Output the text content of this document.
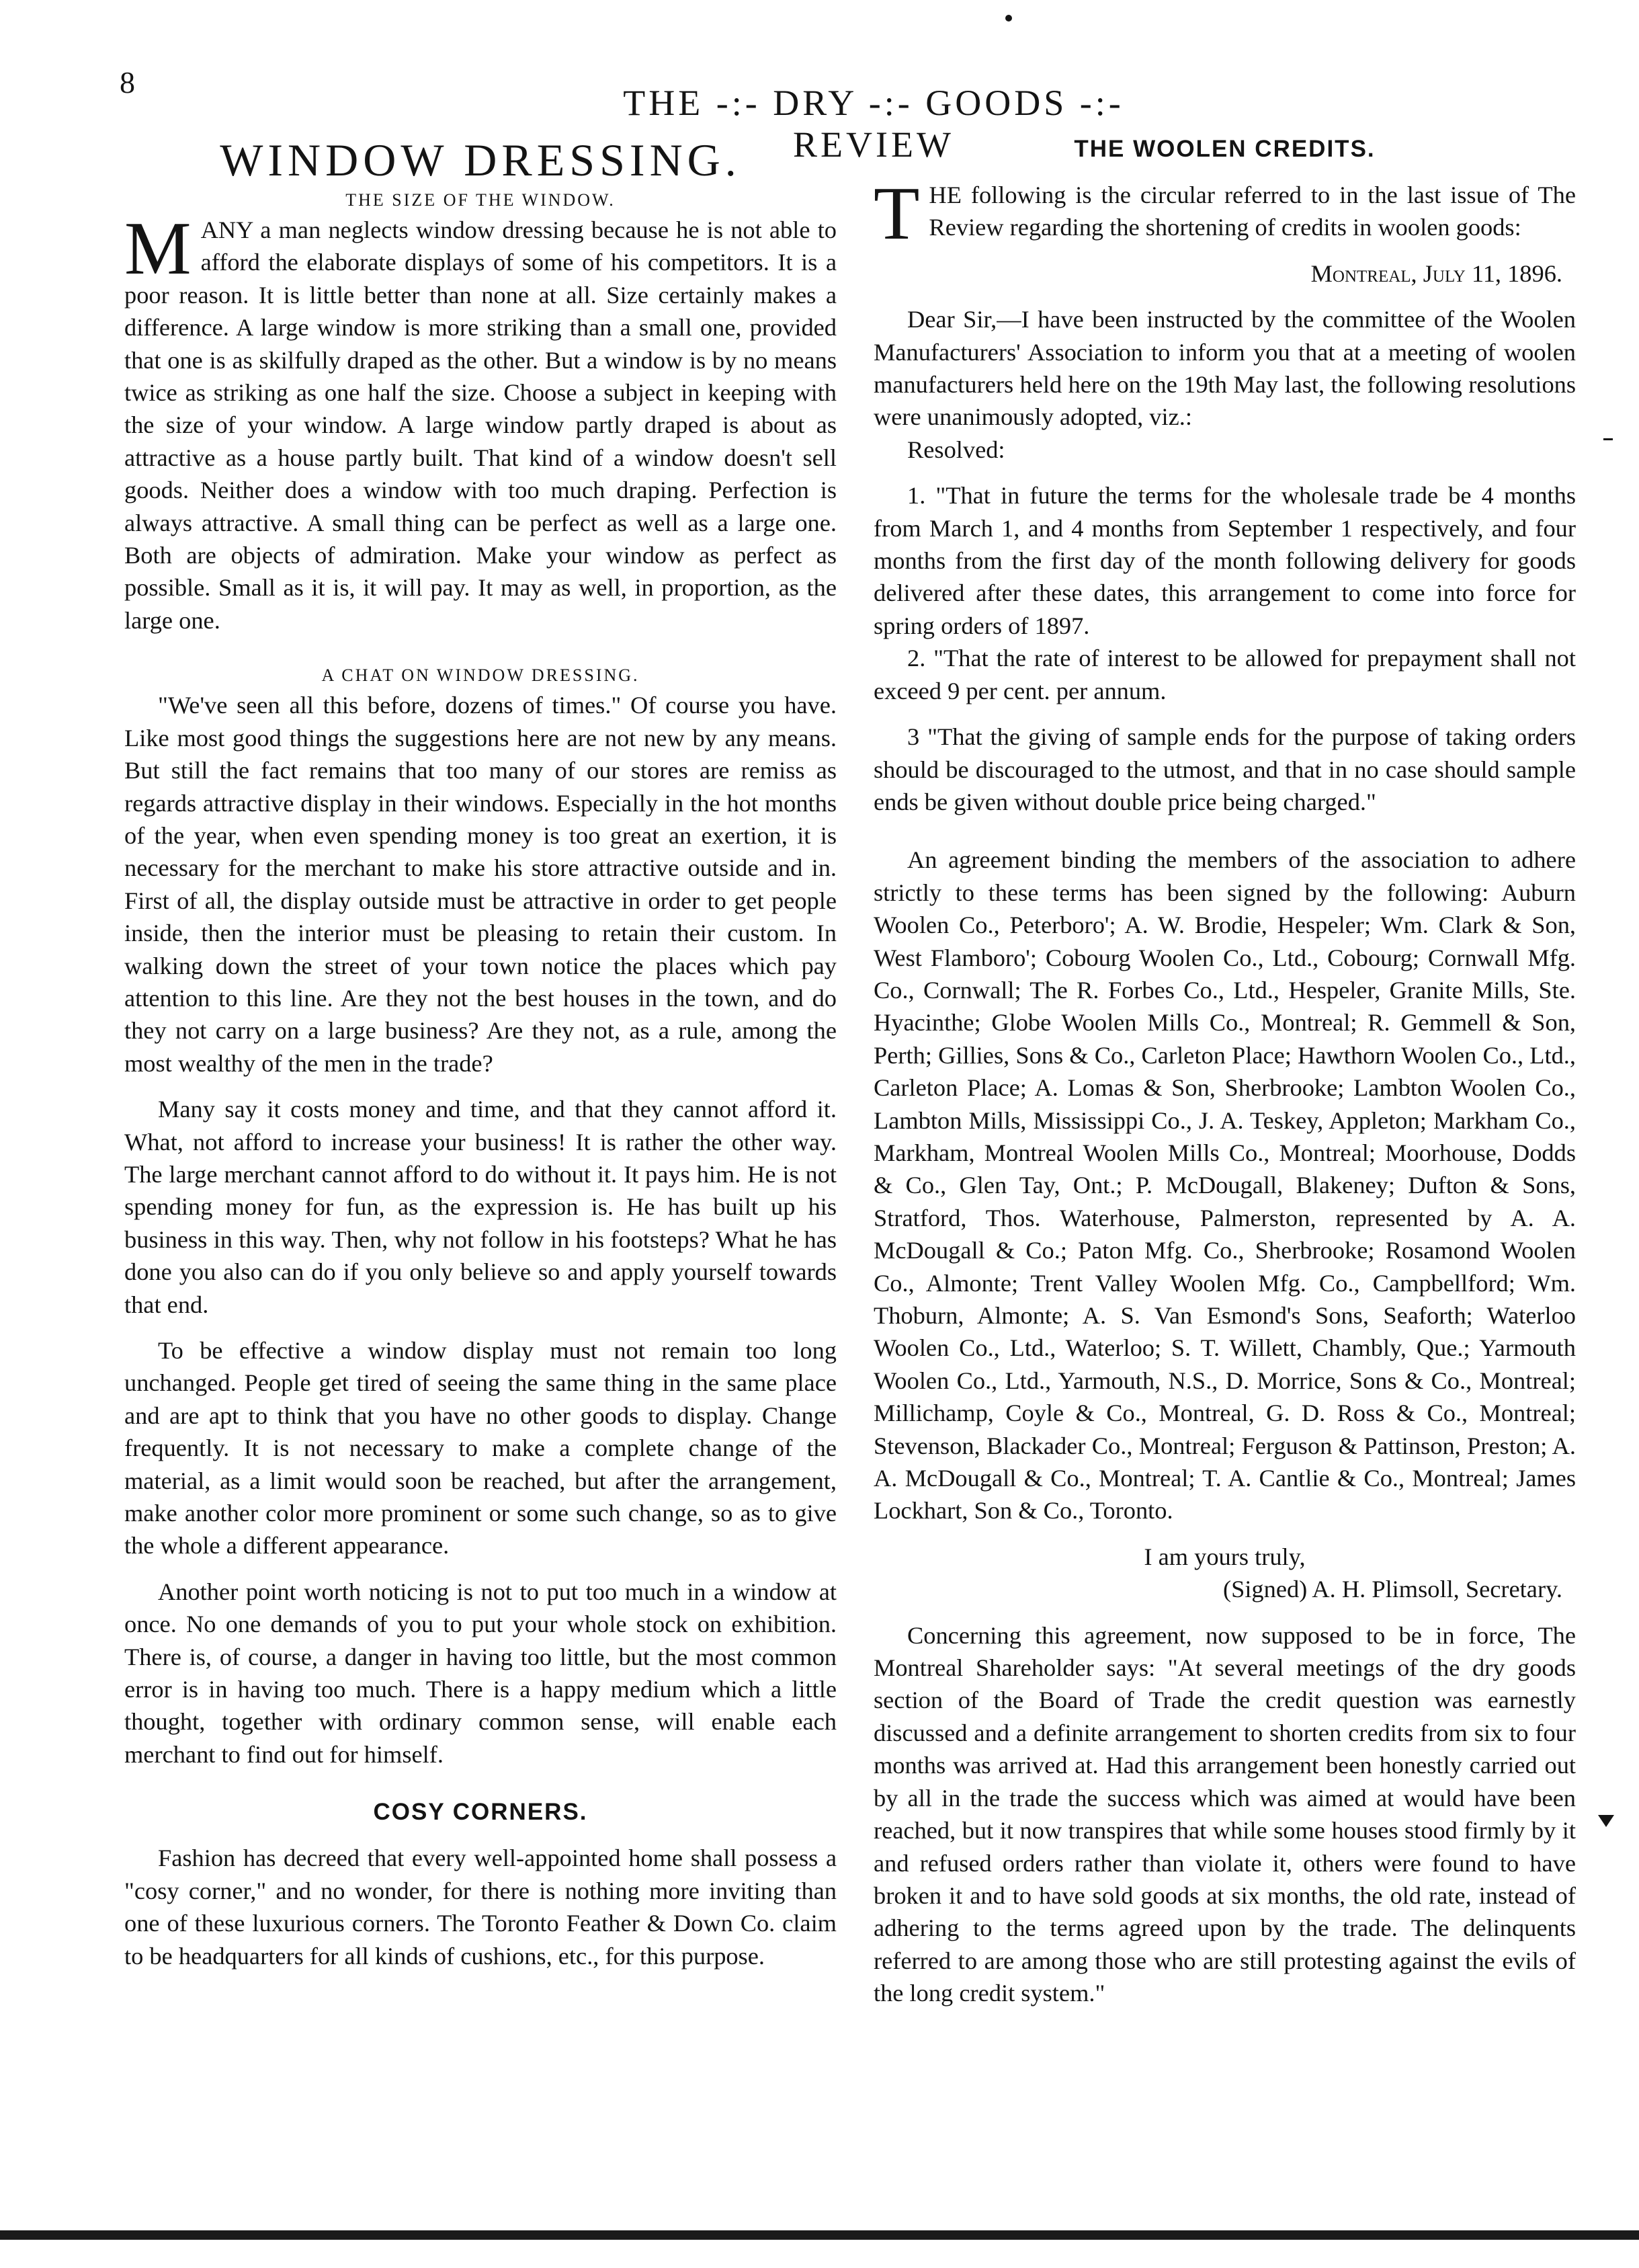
8
THE -:- DRY -:- GOODS -:- REVIEW
WINDOW DRESSING.
THE SIZE OF THE WINDOW.

MANY a man neglects window dressing because he is not able to afford the elaborate displays of some of his competitors. It is a poor reason. It is little better than none at all. Size certainly makes a difference. A large window is more striking than a small one, provided that one is as skilfully draped as the other. But a window is by no means twice as striking as one half the size. Choose a subject in keeping with the size of your window. A large window partly draped is about as attractive as a house partly built. That kind of a window doesn't sell goods. Neither does a window with too much draping. Perfection is always attractive. A small thing can be perfect as well as a large one. Both are objects of admiration. Make your window as perfect as possible. Small as it is, it will pay. It may as well, in proportion, as the large one.

A CHAT ON WINDOW DRESSING.

"We've seen all this before, dozens of times." Of course you have. Like most good things the suggestions here are not new by any means. But still the fact remains that too many of our stores are remiss as regards attractive display in their windows. Especially in the hot months of the year, when even spending money is too great an exertion, it is necessary for the merchant to make his store attractive outside and in. First of all, the display outside must be attractive in order to get people inside, then the interior must be pleasing to retain their custom. In walking down the street of your town notice the places which pay attention to this line. Are they not the best houses in the town, and do they not carry on a large business? Are they not, as a rule, among the most wealthy of the men in the trade?

Many say it costs money and time, and that they cannot afford it. What, not afford to increase your business! It is rather the other way. The large merchant cannot afford to do without it. It pays him. He is not spending money for fun, as the expression is. He has built up his business in this way. Then, why not follow in his footsteps? What he has done you also can do if you only believe so and apply yourself towards that end.

To be effective a window display must not remain too long unchanged. People get tired of seeing the same thing in the same place and are apt to think that you have no other goods to display. Change frequently. It is not necessary to make a complete change of the material, as a limit would soon be reached, but after the arrangement, make another color more prominent or some such change, so as to give the whole a different appearance.

Another point worth noticing is not to put too much in a window at once. No one demands of you to put your whole stock on exhibition. There is, of course, a danger in having too little, but the most common error is in having too much. There is a happy medium which a little thought, together with ordinary common sense, will enable each merchant to find out for himself.

COSY CORNERS.

Fashion has decreed that every well-appointed home shall possess a "cosy corner," and no wonder, for there is nothing more inviting than one of these luxurious corners. The Toronto Feather & Down Co. claim to be headquarters for all kinds of cushions, etc., for this purpose.

THE WOOLEN CREDITS.

THE following is the circular referred to in the last issue of The Review regarding the shortening of credits in woolen goods:

Montreal, July 11, 1896.

Dear Sir,—I have been instructed by the committee of the Woolen Manufacturers' Association to inform you that at a meeting of woolen manufacturers held here on the 19th May last, the following resolutions were unanimously adopted, viz.:

Resolved:

1. "That in future the terms for the wholesale trade be 4 months from March 1, and 4 months from September 1 respectively, and four months from the first day of the month following delivery for goods delivered after these dates, this arrangement to come into force for spring orders of 1897.

2. "That the rate of interest to be allowed for prepayment shall not exceed 9 per cent. per annum.

3 "That the giving of sample ends for the purpose of taking orders should be discouraged to the utmost, and that in no case should sample ends be given without double price being charged."

An agreement binding the members of the association to adhere strictly to these terms has been signed by the following: Auburn Woolen Co., Peterboro'; A. W. Brodie, Hespeler; Wm. Clark & Son, West Flamboro'; Cobourg Woolen Co., Ltd., Cobourg; Cornwall Mfg. Co., Cornwall; The R. Forbes Co., Ltd., Hespeler, Granite Mills, Ste. Hyacinthe; Globe Woolen Mills Co., Montreal; R. Gemmell & Son, Perth; Gillies, Sons & Co., Carleton Place; Hawthorn Woolen Co., Ltd., Carleton Place; A. Lomas & Son, Sherbrooke; Lambton Woolen Co., Lambton Mills, Mississippi Co., J. A. Teskey, Appleton; Markham Co., Markham, Montreal Woolen Mills Co., Montreal; Moorhouse, Dodds & Co., Glen Tay, Ont.; P. McDougall, Blakeney; Dufton & Sons, Stratford, Thos. Waterhouse, Palmerston, represented by A. A. McDougall & Co.; Paton Mfg. Co., Sherbrooke; Rosamond Woolen Co., Almonte; Trent Valley Woolen Mfg. Co., Campbellford; Wm. Thoburn, Almonte; A. S. Van Esmond's Sons, Seaforth; Waterloo Woolen Co., Ltd., Waterloo; S. T. Willett, Chambly, Que.; Yarmouth Woolen Co., Ltd., Yarmouth, N.S., D. Morrice, Sons & Co., Montreal; Millichamp, Coyle & Co., Montreal, G. D. Ross & Co., Montreal; Stevenson, Blackader Co., Montreal; Ferguson & Pattinson, Preston; A. A. McDougall & Co., Montreal; T. A. Cantlie & Co., Montreal; James Lockhart, Son & Co., Toronto.

I am yours truly,

(Signed) A. H. Plimsoll, Secretary.

Concerning this agreement, now supposed to be in force, The Montreal Shareholder says: "At several meetings of the dry goods section of the Board of Trade the credit question was earnestly discussed and a definite arrangement to shorten credits from six to four months was arrived at. Had this arrangement been honestly carried out by all in the trade the success which was aimed at would have been reached, but it now transpires that while some houses stood firmly by it and refused orders rather than violate it, others were found to have broken it and to have sold goods at six months, the old rate, instead of adhering to the terms agreed upon by the trade. The delinquents referred to are among those who are still protesting against the evils of the long credit system."
